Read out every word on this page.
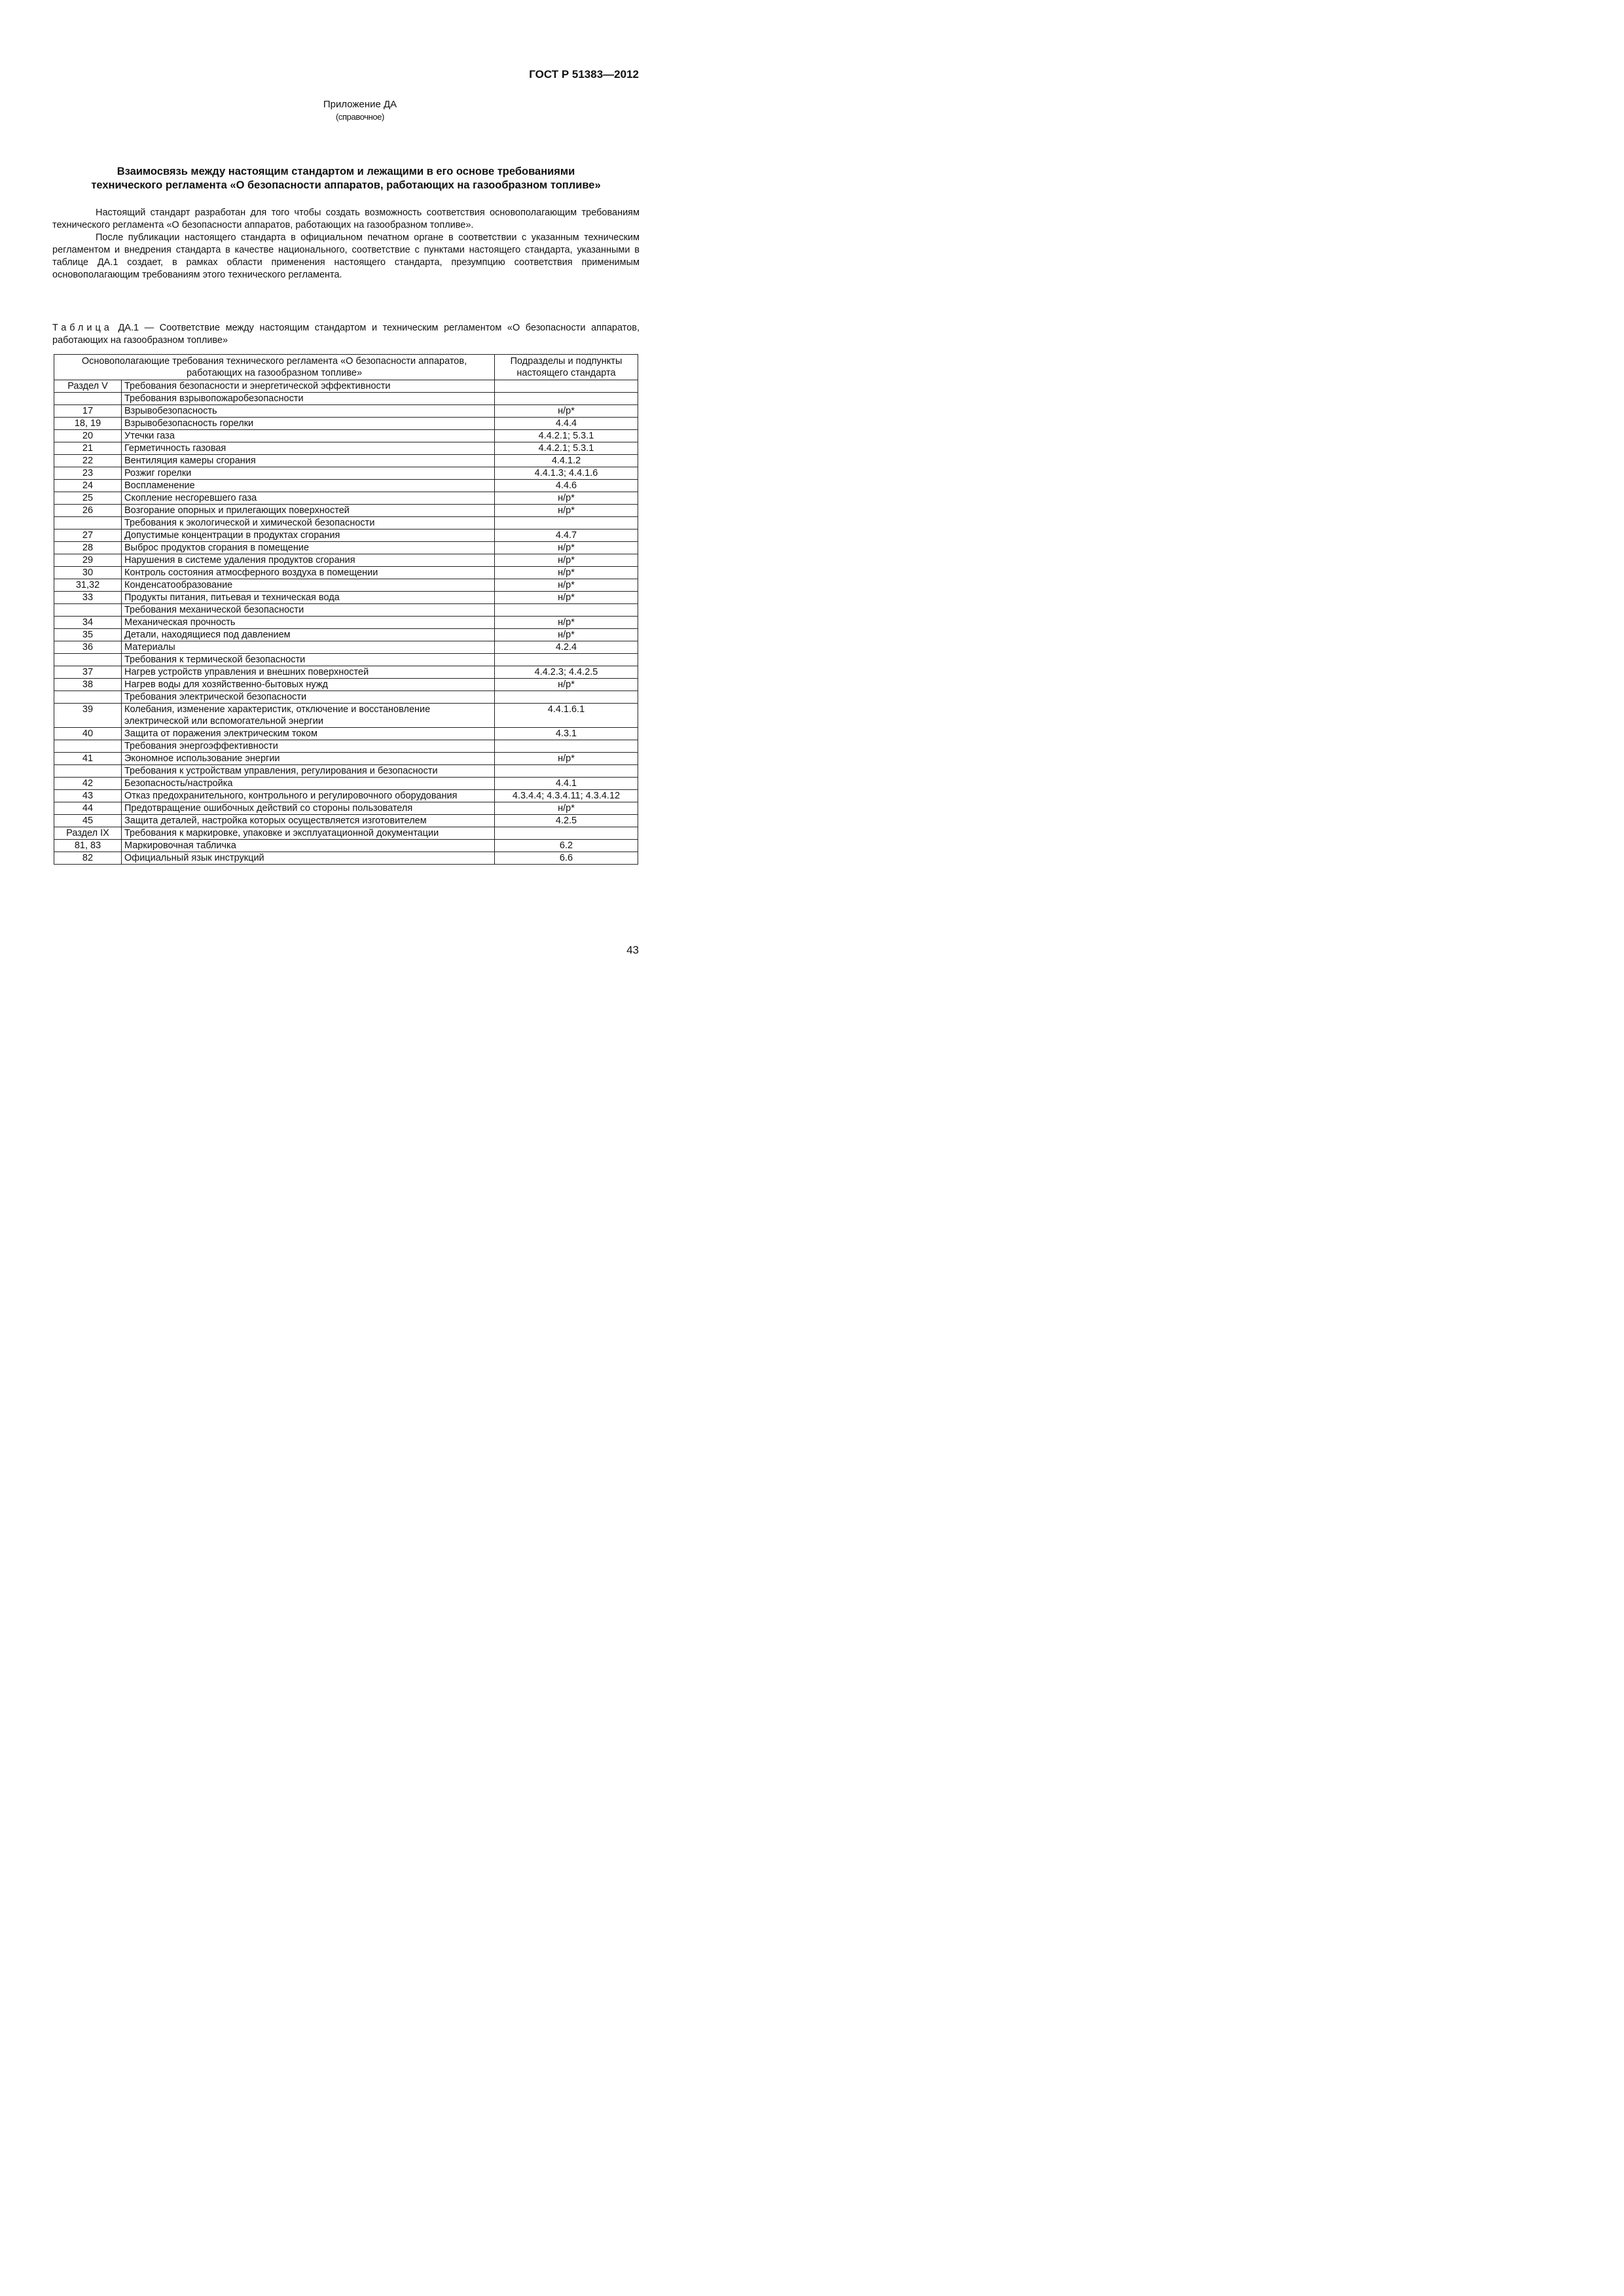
ГОСТ Р 51383—2012
Приложение ДА
(справочное)
Взаимосвязь между настоящим стандартом и лежащими в его основе требованиями
технического регламента «О безопасности аппаратов, работающих на газообразном топливе»

Настоящий стандарт разработан для того чтобы создать возможность соответствия основополагающим требованиям технического регламента «О безопасности аппаратов, работающих на газообразном топливе».

После публикации настоящего стандарта в официальном печатном органе в соответствии с указанным техническим регламентом и внедрения стандарта в качестве национального, соответствие с пунктами настоящего стандарта, указанными в таблице ДА.1 создает, в рамках области применения настоящего стандарта, презумпцию соответствия применимым основополагающим требованиям этого технического регламента.

Таблица ДА.1 — Соответствие между настоящим стандартом и техническим регламентом «О безопасности аппаратов, работающих на газообразном топливе»
Основополагающие требования технического регламента «О безопасности аппаратов, работающих на газообразном топливе»		Подразделы и подпункты настоящего стандарта
Раздел V	Требования безопасности и энергетической эффективности	
	Требования взрывопожаробезопасности	
17	Взрывобезопасность	н/р*
18, 19	Взрывобезопасность горелки	4.4.4
20	Утечки газа	4.4.2.1; 5.3.1
21	Герметичность газовая	4.4.2.1; 5.3.1
22	Вентиляция камеры сгорания	4.4.1.2
23	Розжиг горелки	4.4.1.3; 4.4.1.6
24	Воспламенение	4.4.6
25	Скопление несгоревшего газа	н/р*
26	Возгорание опорных и прилегающих поверхностей	н/р*
	Требования к экологической и химической безопасности	
27	Допустимые концентрации в продуктах сгорания	4.4.7
28	Выброс продуктов сгорания в помещение	н/р*
29	Нарушения в системе удаления продуктов сгорания	н/р*
30	Контроль состояния атмосферного воздуха в помещении	н/р*
31,32	Конденсатообразование	н/р*
33	Продукты питания, питьевая и техническая вода	н/р*
	Требования механической безопасности	
34	Механическая прочность	н/р*
35	Детали, находящиеся под давлением	н/р*
36	Материалы	4.2.4
	Требования к термической безопасности	
37	Нагрев устройств управления и внешних поверхностей	4.4.2.3; 4.4.2.5
38	Нагрев воды для хозяйственно-бытовых нужд	н/р*
	Требования электрической безопасности	
39	Колебания, изменение характеристик, отключение и восстановление электрической или вспомогательной энергии	4.4.1.6.1
40	Защита от поражения электрическим током	4.3.1
	Требования энергоэффективности	
41	Экономное использование энергии	н/р*
	Требования к устройствам управления, регулирования и безопасности	
42	Безопасность/настройка	4.4.1
43	Отказ предохранительного, контрольного и регулировочного оборудования	4.3.4.4; 4.3.4.11; 4.3.4.12
44	Предотвращение ошибочных действий со стороны пользователя	н/р*
45	Защита деталей, настройка которых осуществляется изготовителем	4.2.5
Раздел IX	Требования к маркировке, упаковке и эксплуатационной документации	
81, 83	Маркировочная табличка	6.2
82	Официальный язык инструкций	6.6
43
